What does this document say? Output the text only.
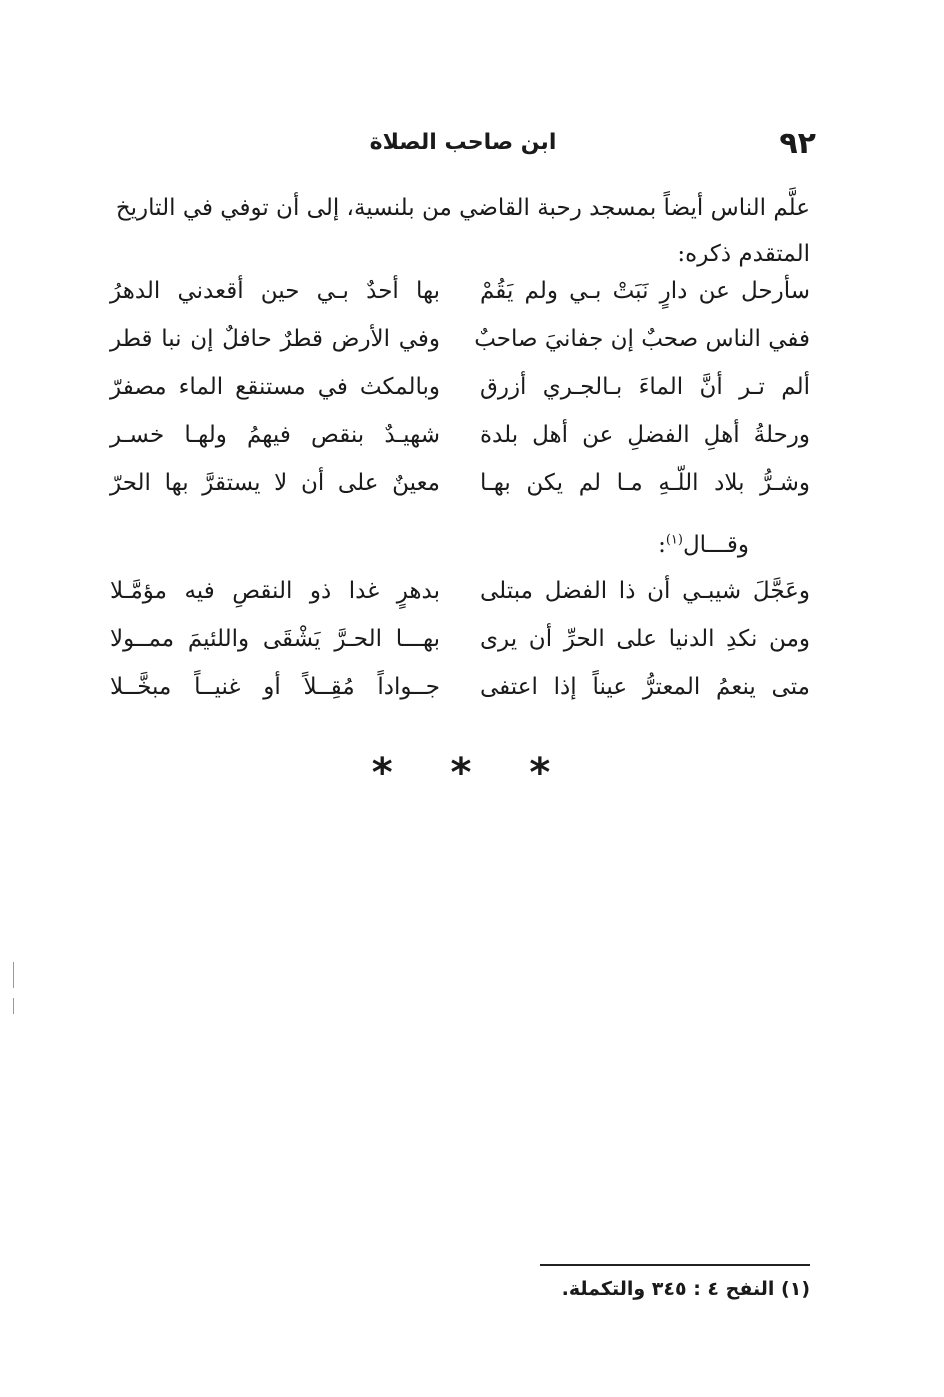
٩٢
ابن صاحب الصلاة
علَّم الناس أيضاً بمسجد رحبة القاضي من بلنسية، إلى أن توفي في التاريخ
المتقدم ذكره:
سأرحل عن دارٍ نَبَتْ بـي ولم يَقُمْ
بها أحدٌ بـي حين أقعدني الدهرُ
ففي الناس صحبٌ إن جفانيَ صاحبٌ
وفي الأرض قطرٌ حافلٌ إن نبا قطر
ألم تـر أنَّ الماءَ بـالجـري أزرق
وبالمكث في مستنقع الماء مصفرّ
ورحلةُ أهلِ الفضلِ عن أهل بلدة
شهيـدٌ بنقص فيهمُ ولهـا خسـر
وشـرُّ بلاد اللّـهِ مـا لم يكن بهـا
معينٌ على أن لا يستقرَّ بها الحرّ
وقـــال$^{(١)}$:
وعَجَّلَ شيبـي أن ذا الفضل مبتلى
بدهرٍ غدا ذو النقصِ فيه مؤمَّـلا
ومن نكدِ الدنيا على الحرِّ أن يرى
بهـــا الحـرَّ يَشْقَى واللئيمَ ممــولا
متى ينعمُ المعترُّ عيناً إذا اعتفى
جــواداً مُقِــلاً أو غنيــاً مبخَّــلا
* * *
(١) النفح ٤ : ٣٤٥ والتكملة.
